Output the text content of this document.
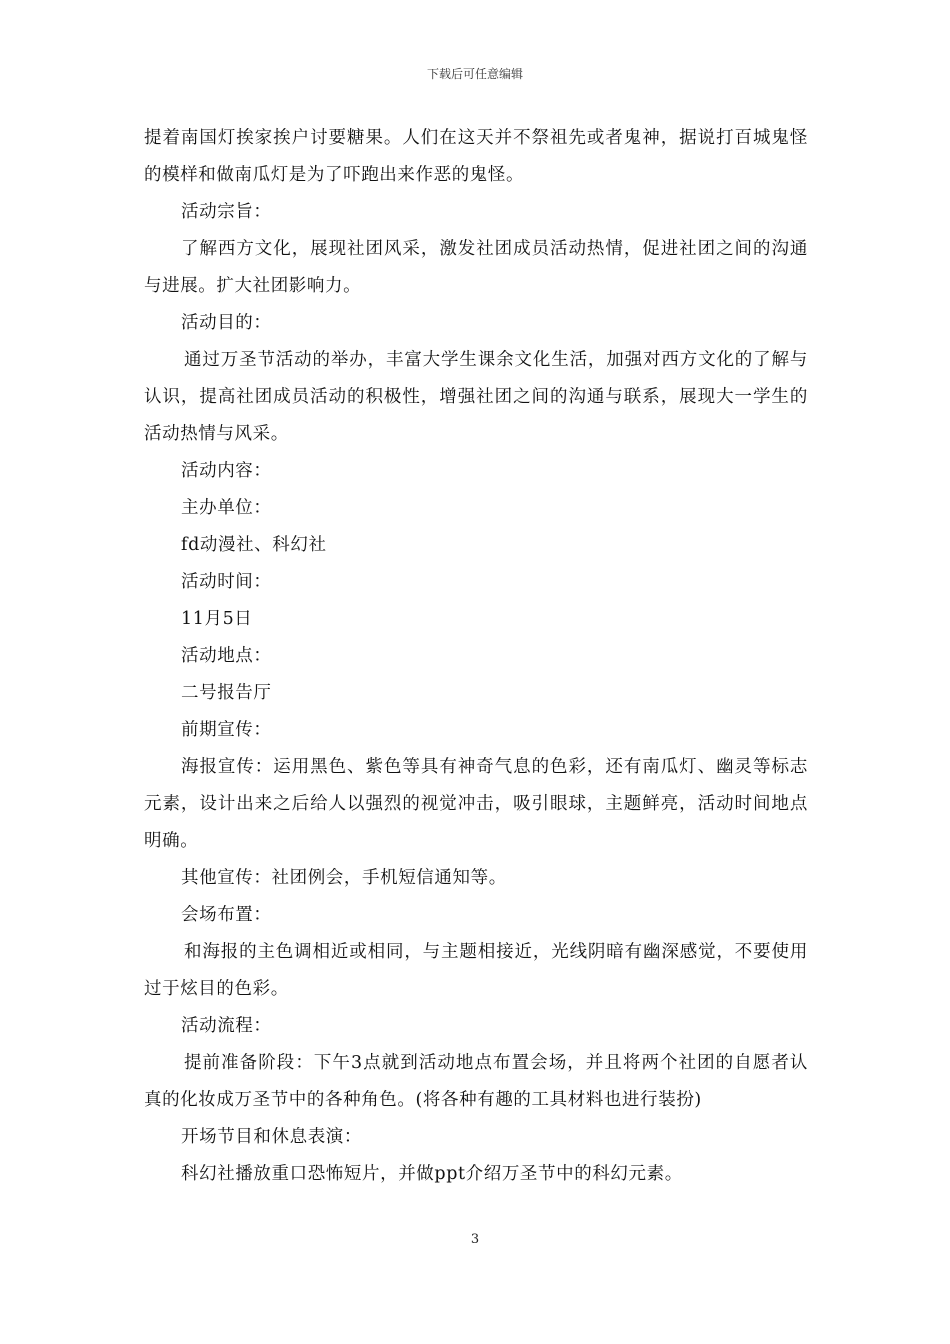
下载后可任意编辑

提着南国灯挨家挨户讨要糖果。人们在这天并不祭祖先或者鬼神，据说打百城鬼怪的模样和做南瓜灯是为了吓跑出来作恶的鬼怪。

活动宗旨：

了解西方文化，展现社团风采，激发社团成员活动热情，促进社团之间的沟通与进展。扩大社团影响力。

活动目的：

通过万圣节活动的举办，丰富大学生课余文化生活，加强对西方文化的了解与认识，提高社团成员活动的积极性，增强社团之间的沟通与联系，展现大一学生的活动热情与风采。

活动内容：

主办单位：

fd动漫社、科幻社

活动时间：

11月5日

活动地点：

二号报告厅

前期宣传：

海报宣传：运用黑色、紫色等具有神奇气息的色彩，还有南瓜灯、幽灵等标志元素，设计出来之后给人以强烈的视觉冲击，吸引眼球，主题鲜亮，活动时间地点明确。

其他宣传：社团例会，手机短信通知等。

会场布置：

和海报的主色调相近或相同，与主题相接近，光线阴暗有幽深感觉，不要使用过于炫目的色彩。

活动流程：

提前准备阶段：下午3点就到活动地点布置会场，并且将两个社团的自愿者认真的化妆成万圣节中的各种角色。(将各种有趣的工具材料也进行装扮)

开场节目和休息表演：

科幻社播放重口恐怖短片，并做ppt介绍万圣节中的科幻元素。

3
